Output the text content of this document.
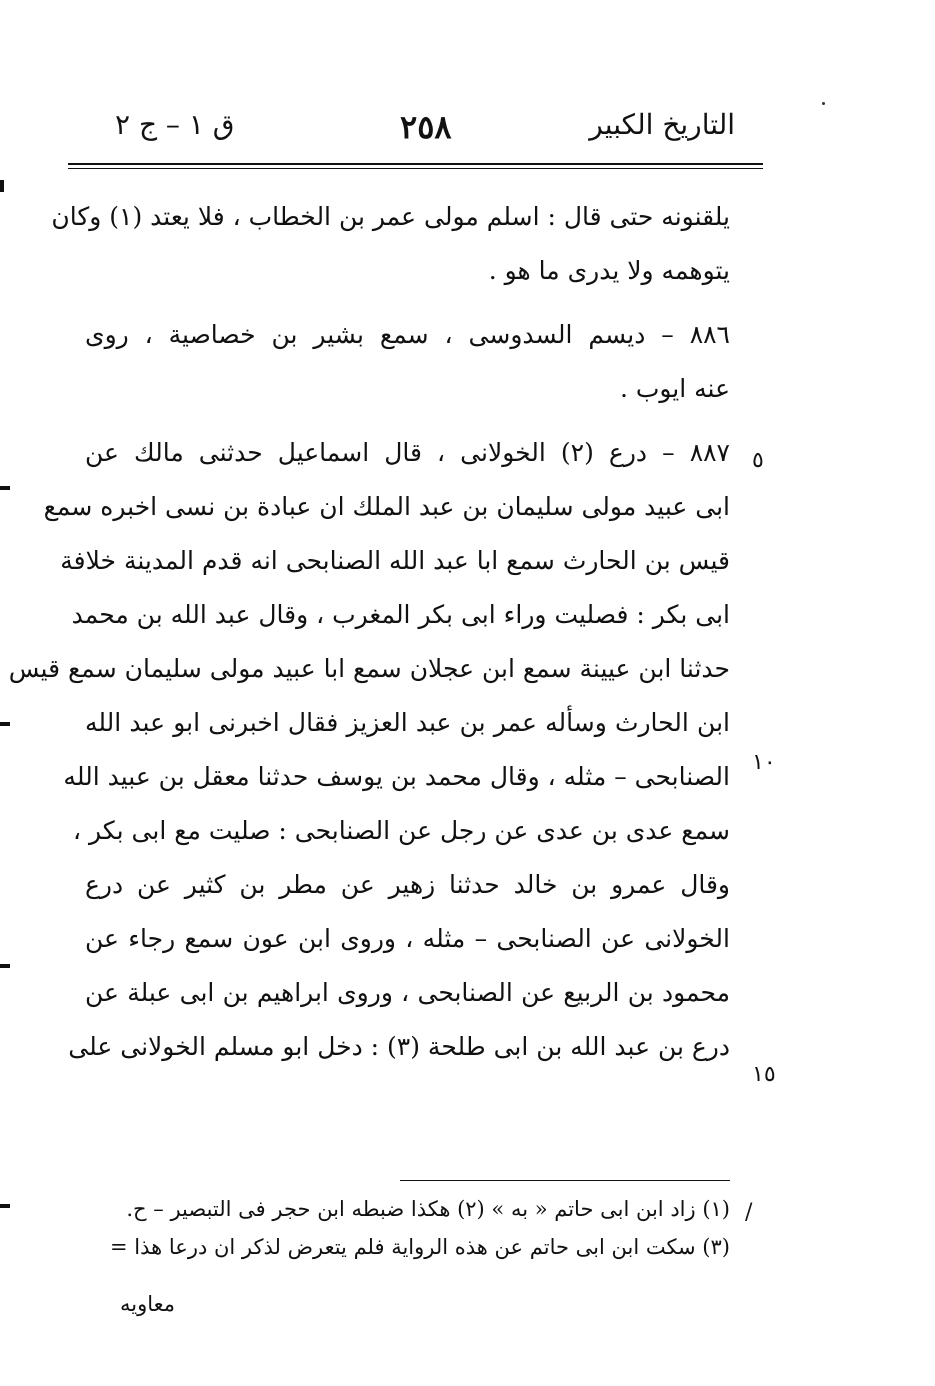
التاريخ الكبير
٢٥٨
ق ١ – ج ٢
يلقنونه حتى قال : اسلم مولى عمر بن الخطاب ، فلا يعتد (١) وكان
يتوهمه ولا يدرى ما هو .
٨٨٦ – ديسم السدوسى ، سمع بشير بن خصاصية ، روى
عنه ايوب .
٨٨٧ – درع (٢) الخولانى ، قال اسماعيل حدثنى مالك عن
ابى عبيد مولى سليمان بن عبد الملك ان عبادة بن نسى اخبره سمع
قيس بن الحارث سمع ابا عبد الله الصنابحى انه قدم المدينة خلافة
ابى بكر : فصليت وراء ابى بكر المغرب ، وقال عبد الله بن محمد
حدثنا ابن عيينة سمع ابن عجلان سمع ابا عبيد مولى سليمان سمع قيس
ابن الحارث وسأله عمر بن عبد العزيز فقال اخبرنى ابو عبد الله
الصنابحى – مثله ، وقال محمد بن يوسف حدثنا معقل بن عبيد الله
سمع عدى بن عدى عن رجل عن الصنابحى : صليت مع ابى بكر ،
وقال عمرو بن خالد حدثنا زهير عن مطر بن كثير عن درع
الخولانى عن الصنابحى – مثله ، وروى ابن عون سمع رجاء عن
محمود بن الربيع عن الصنابحى ، وروى ابراهيم بن ابى عبلة عن
درع بن عبد الله بن ابى طلحة (٣) : دخل ابو مسلم الخولانى على
٥
١٠
١٥
/
(١) زاد ابن ابى حاتم « به » (٢) هكذا ضبطه ابن حجر فى التبصير – ح.
(٣) سكت ابن ابى حاتم عن هذه الرواية فلم يتعرض لذكر ان درعا هذا =
معاويه
